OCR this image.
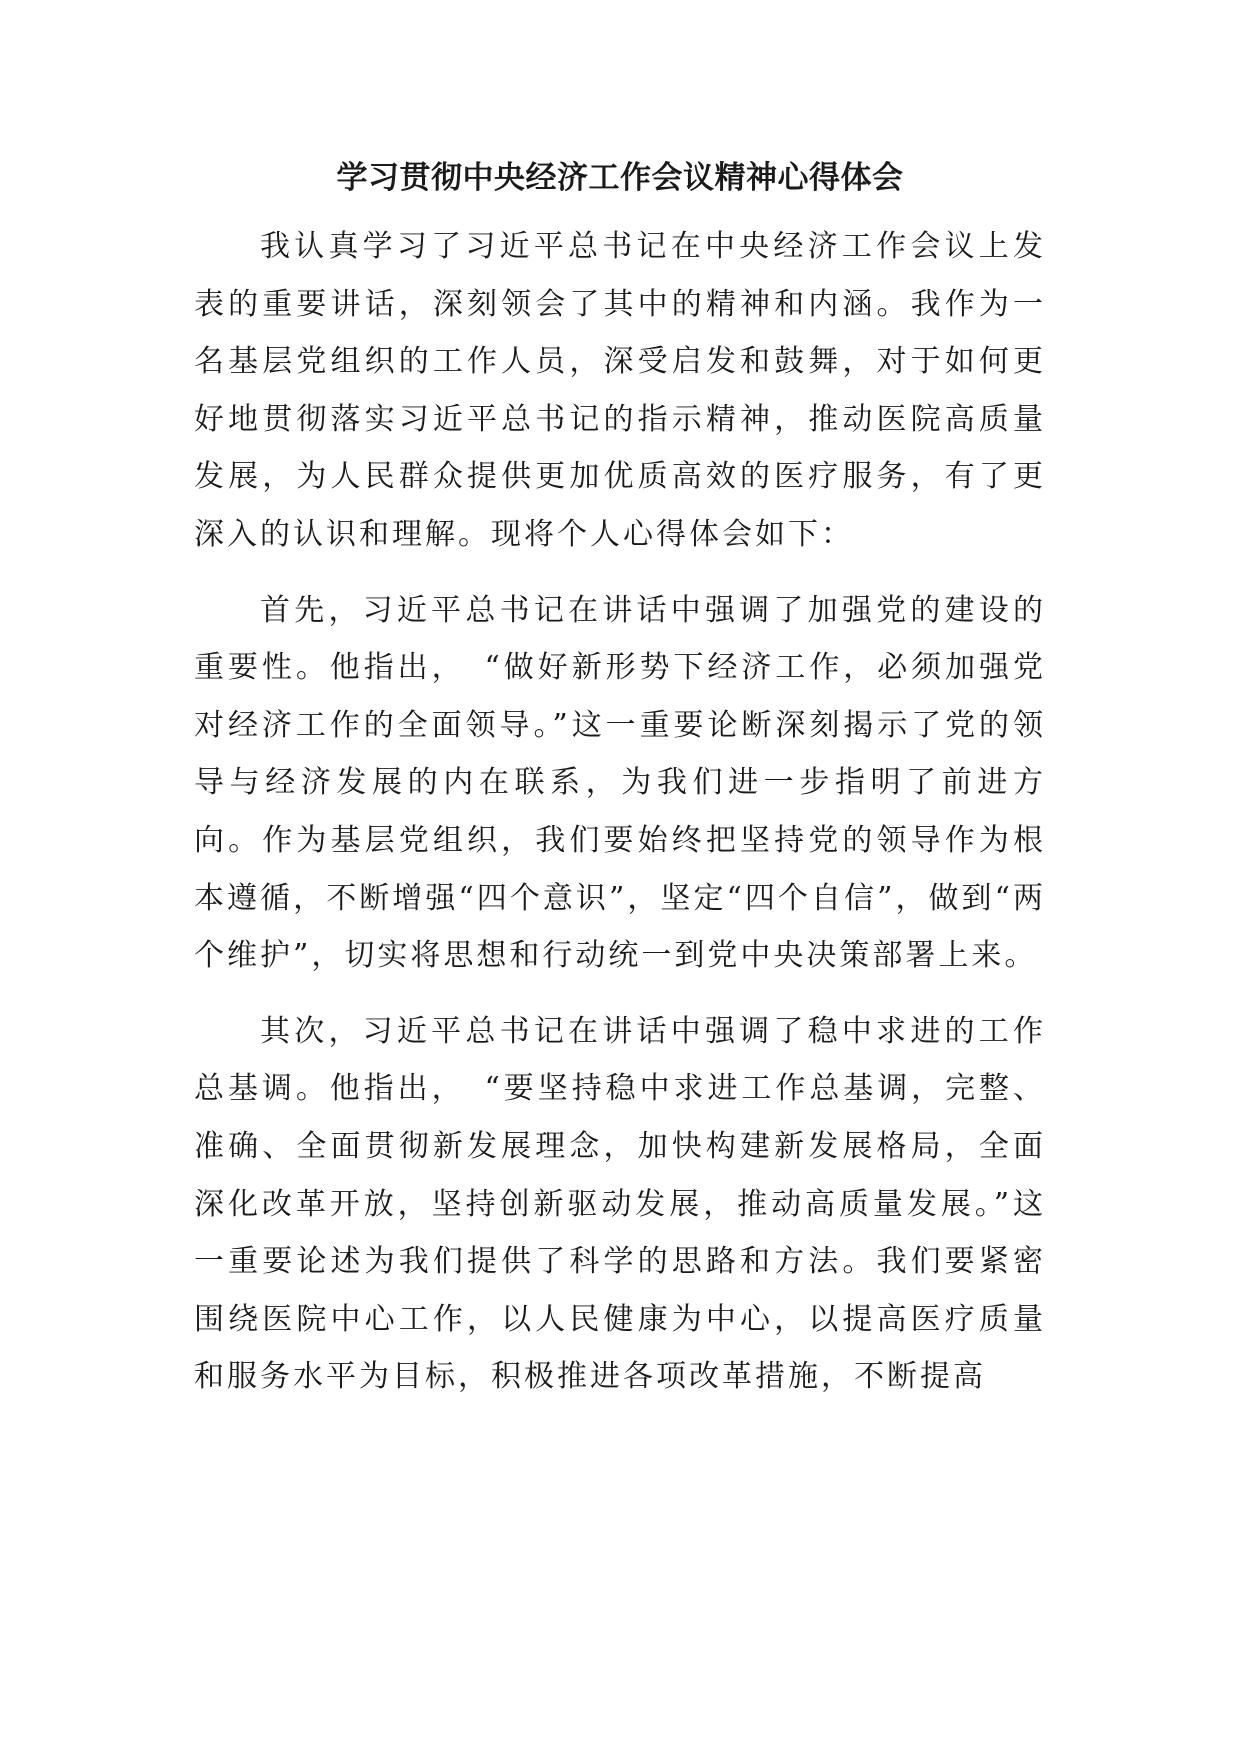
学习贯彻中央经济工作会议精神心得体会

我认真学习了习近平总书记在中央经济工作会议上发表的重要讲话，深刻领会了其中的精神和内涵。我作为一名基层党组织的工作人员，深受启发和鼓舞，对于如何更好地贯彻落实习近平总书记的指示精神，推动医院高质量发展，为人民群众提供更加优质高效的医疗服务，有了更深入的认识和理解。现将个人心得体会如下：

首先，习近平总书记在讲话中强调了加强党的建设的重要性。他指出，　“做好新形势下经济工作，必须加强党对经济工作的全面领导。”这一重要论断深刻揭示了党的领导与经济发展的内在联系，为我们进一步指明了前进方向。作为基层党组织，我们要始终把坚持党的领导作为根本遵循，不断增强“四个意识”，坚定“四个自信”，做到“两个维护”，切实将思想和行动统一到党中央决策部署上来。

其次，习近平总书记在讲话中强调了稳中求进的工作总基调。他指出，　“要坚持稳中求进工作总基调，完整、准确、全面贯彻新发展理念，加快构建新发展格局，全面深化改革开放，坚持创新驱动发展，推动高质量发展。”这一重要论述为我们提供了科学的思路和方法。我们要紧密围绕医院中心工作，以人民健康为中心，以提高医疗质量和服务水平为目标，积极推进各项改革措施，不断提高
